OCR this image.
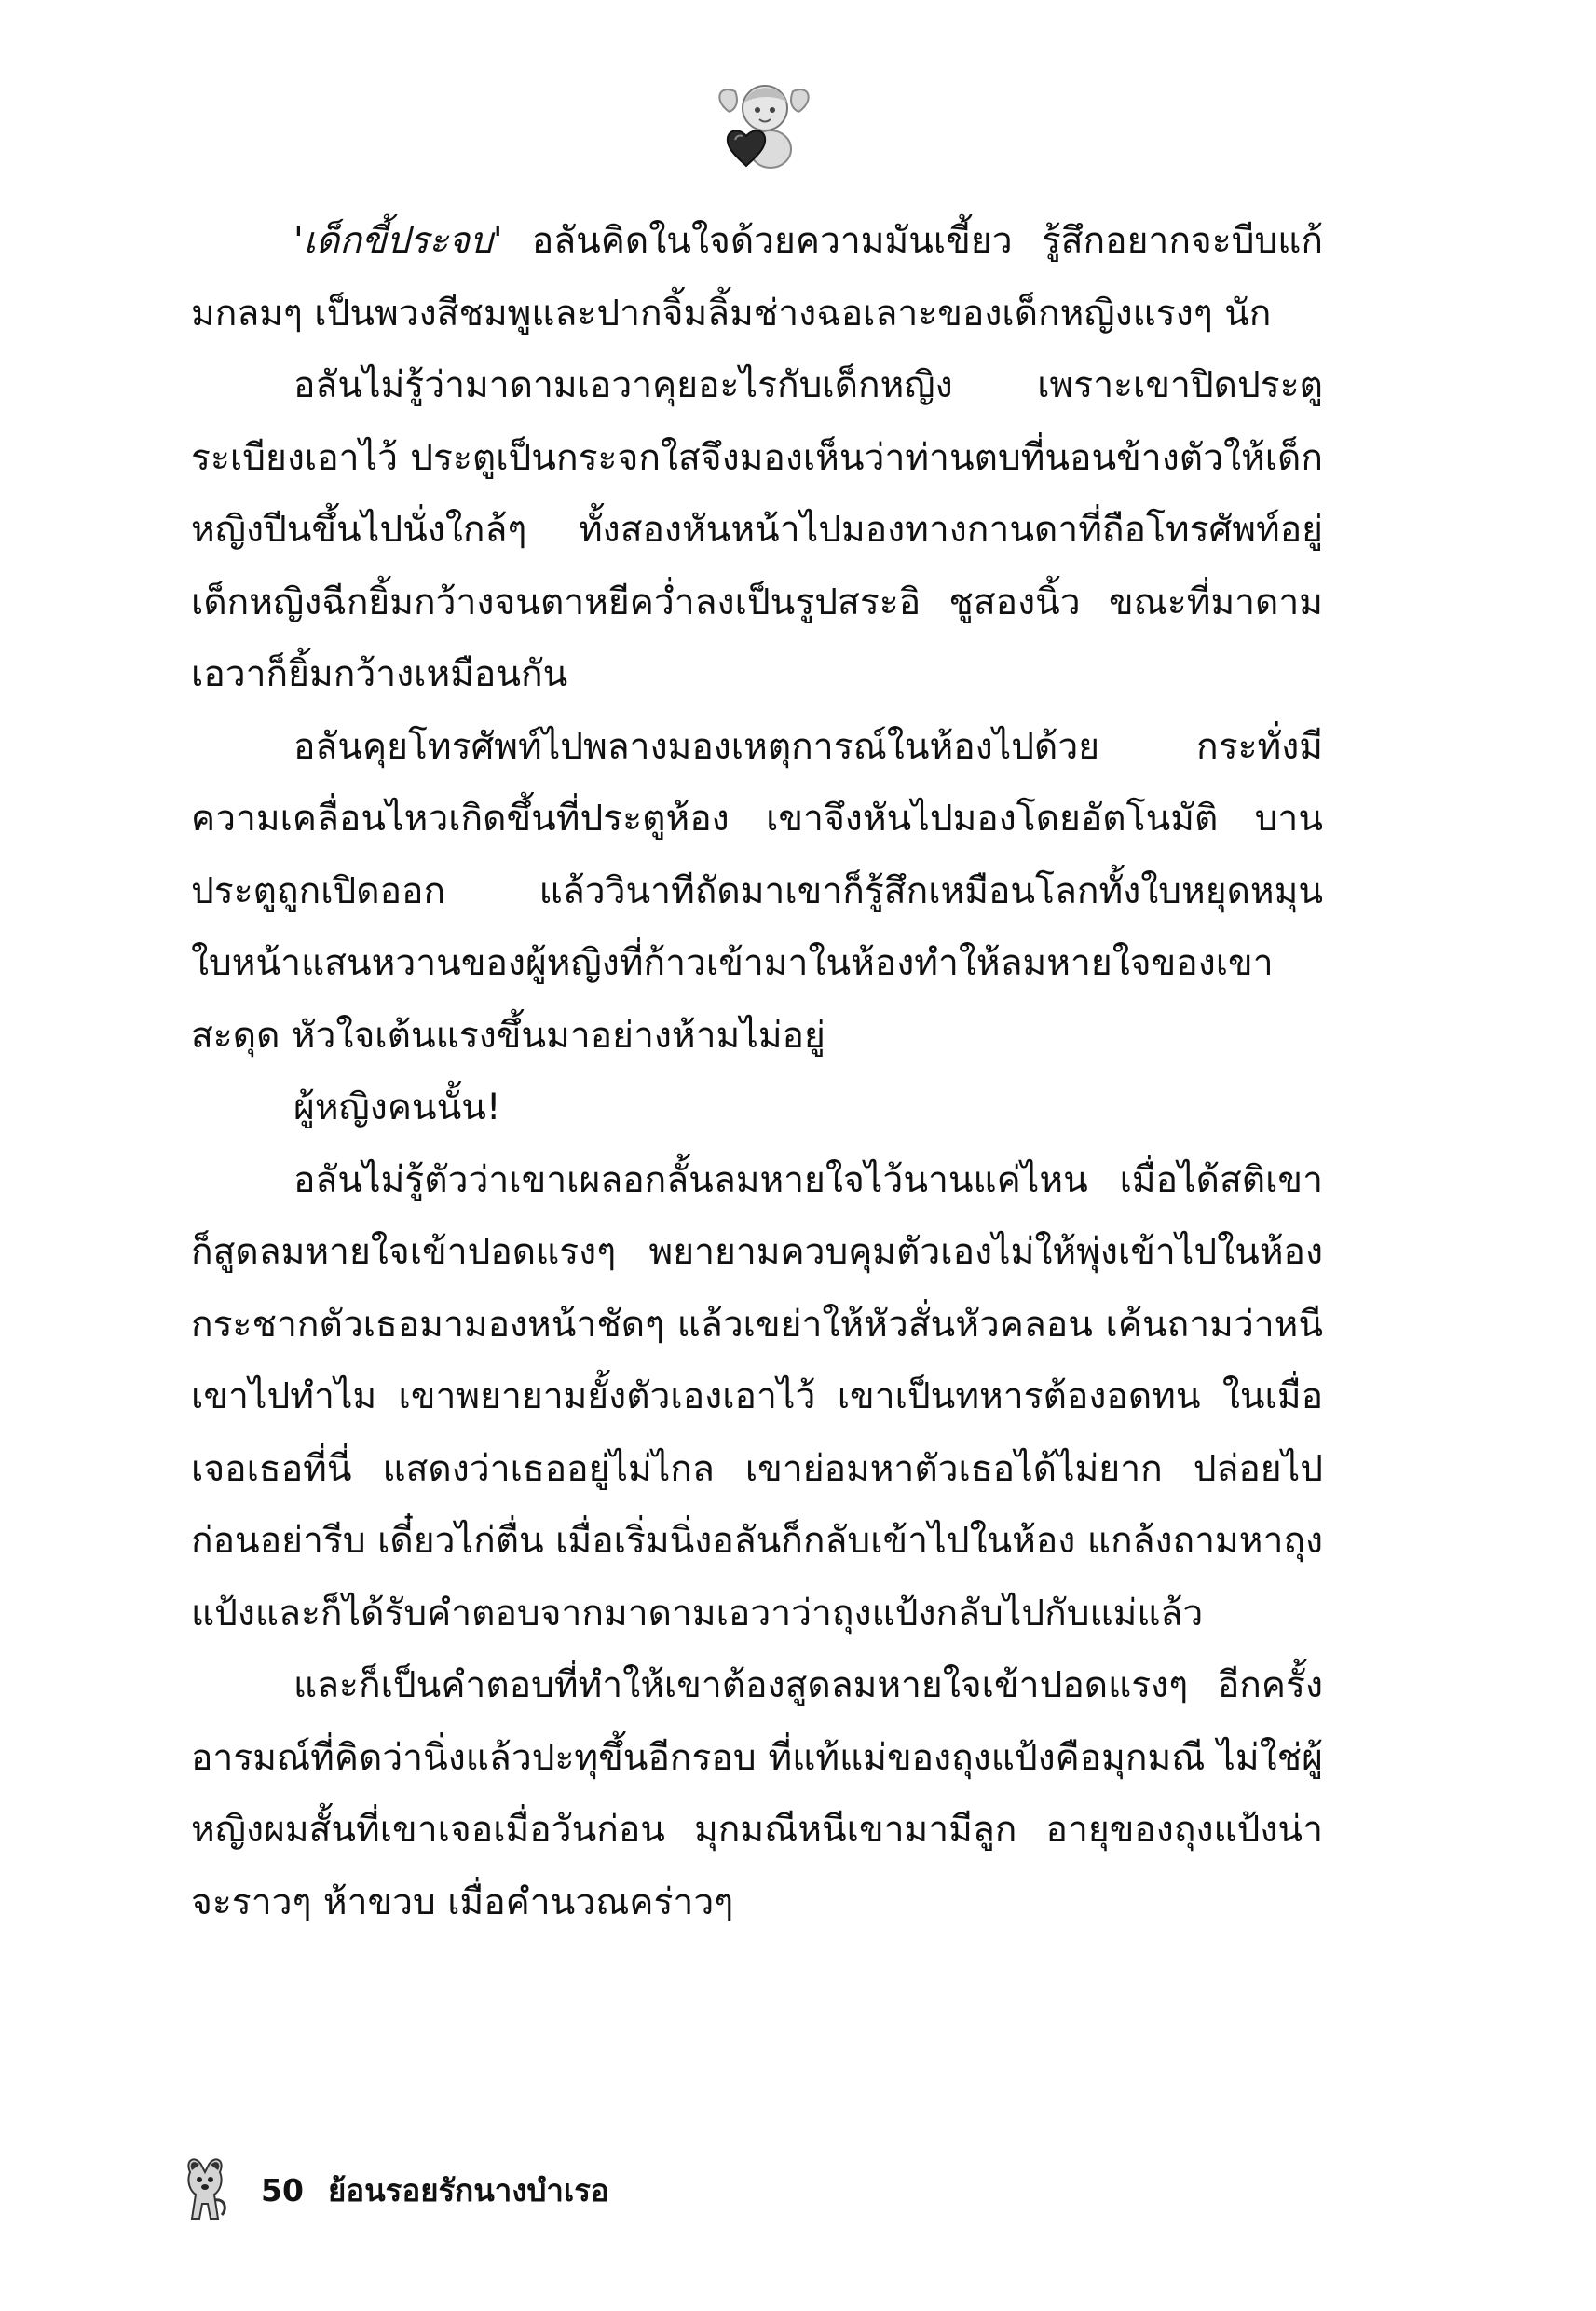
'เด็กขี้ประจบ' อลันคิดในใจด้วยความมันเขี้ยว รู้สึกอยากจะบีบแก้มกลมๆ เป็นพวงสีชมพูและปากจิ้มลิ้มช่างฉอเลาะของเด็กหญิงแรงๆ นัก

อลันไม่รู้ว่ามาดามเอวาคุยอะไรกับเด็กหญิง เพราะเขาปิดประตูระเบียงเอาไว้ ประตูเป็นกระจกใสจึงมองเห็นว่าท่านตบที่นอนข้างตัวให้เด็กหญิงปีนขึ้นไปนั่งใกล้ๆ ทั้งสองหันหน้าไปมองทางกานดาที่ถือโทรศัพท์อยู่ เด็กหญิงฉีกยิ้มกว้างจนตาหยีคว่ำลงเป็นรูปสระอิ ชูสองนิ้ว ขณะที่มาดามเอวาก็ยิ้มกว้างเหมือนกัน

อลันคุยโทรศัพท์ไปพลางมองเหตุการณ์ในห้องไปด้วย กระทั่งมีความเคลื่อนไหวเกิดขึ้นที่ประตูห้อง เขาจึงหันไปมองโดยอัตโนมัติ บานประตูถูกเปิดออก แล้ววินาทีถัดมาเขาก็รู้สึกเหมือนโลกทั้งใบหยุดหมุน ใบหน้าแสนหวานของผู้หญิงที่ก้าวเข้ามาในห้องทำให้ลมหายใจของเขาสะดุด หัวใจเต้นแรงขึ้นมาอย่างห้ามไม่อยู่

ผู้หญิงคนนั้น!

อลันไม่รู้ตัวว่าเขาเผลอกลั้นลมหายใจไว้นานแค่ไหน เมื่อได้สติเขาก็สูดลมหายใจเข้าปอดแรงๆ พยายามควบคุมตัวเองไม่ให้พุ่งเข้าไปในห้อง กระชากตัวเธอมามองหน้าชัดๆ แล้วเขย่าให้หัวสั่นหัวคลอน เค้นถามว่าหนีเขาไปทำไม เขาพยายามยั้งตัวเองเอาไว้ เขาเป็นทหารต้องอดทน ในเมื่อเจอเธอที่นี่ แสดงว่าเธออยู่ไม่ไกล เขาย่อมหาตัวเธอได้ไม่ยาก ปล่อยไปก่อนอย่ารีบ เดี๋ยวไก่ตื่น เมื่อเริ่มนิ่งอลันก็กลับเข้าไปในห้อง แกล้งถามหาถุงแป้งและก็ได้รับคำตอบจากมาดามเอวาว่าถุงแป้งกลับไปกับแม่แล้ว

และก็เป็นคำตอบที่ทำให้เขาต้องสูดลมหายใจเข้าปอดแรงๆ อีกครั้ง อารมณ์ที่คิดว่านิ่งแล้วปะทุขึ้นอีกรอบ ที่แท้แม่ของถุงแป้งคือมุกมณี ไม่ใช่ผู้หญิงผมสั้นที่เขาเจอเมื่อวันก่อน มุกมณีหนีเขามามีลูก อายุของถุงแป้งน่าจะราวๆ ห้าขวบ เมื่อคำนวณคร่าวๆ

50 ย้อนรอยรักนางบำเรอ
